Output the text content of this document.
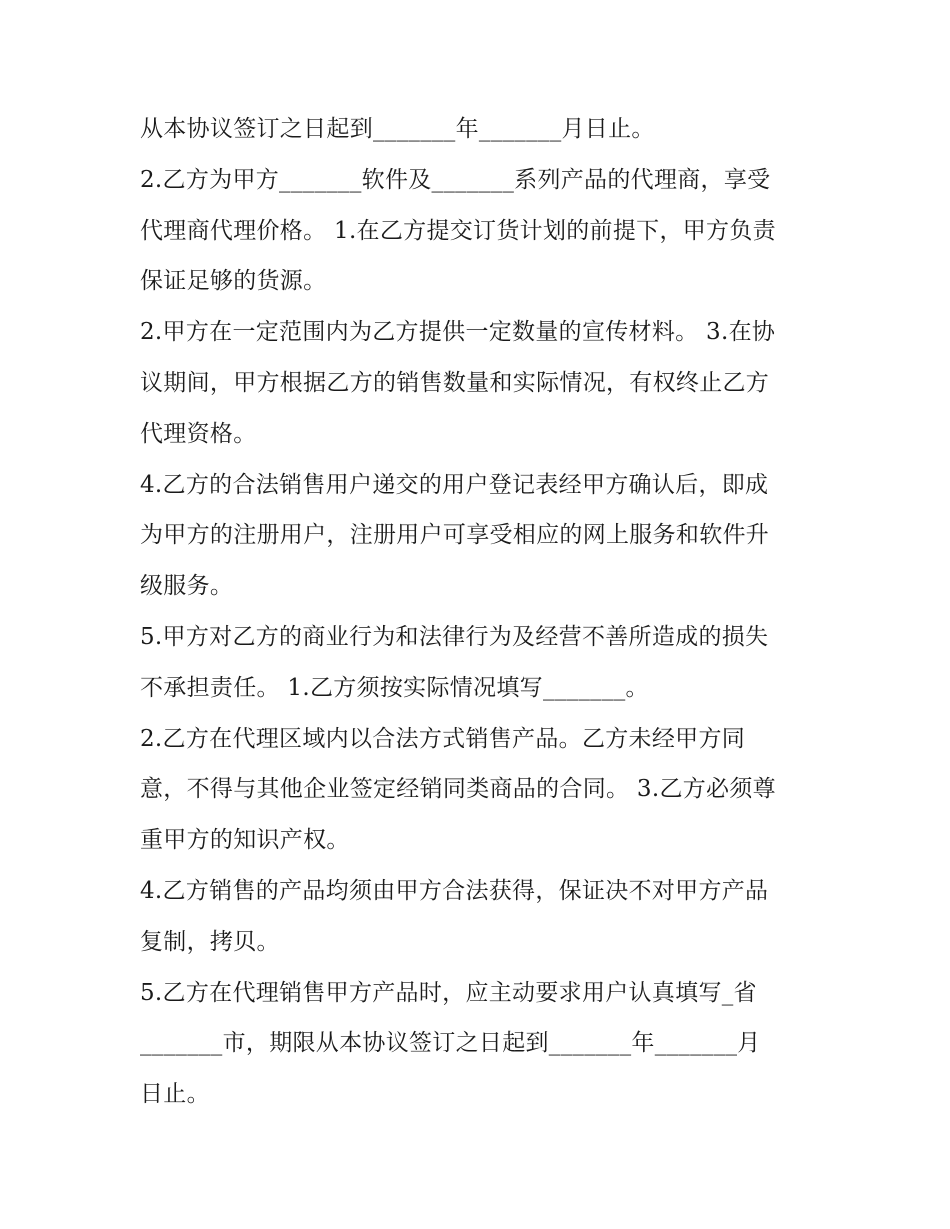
从本协议签订之日起到_______年_______月日止。
2.乙方为甲方_______软件及_______系列产品的代理商，享受
代理商代理价格。 1.在乙方提交订货计划的前提下，甲方负责
保证足够的货源。
2.甲方在一定范围内为乙方提供一定数量的宣传材料。 3.在协
议期间，甲方根据乙方的销售数量和实际情况，有权终止乙方
代理资格。
4.乙方的合法销售用户递交的用户登记表经甲方确认后，即成
为甲方的注册用户，注册用户可享受相应的网上服务和软件升
级服务。
5.甲方对乙方的商业行为和法律行为及经营不善所造成的损失
不承担责任。 1.乙方须按实际情况填写_______。
2.乙方在代理区域内以合法方式销售产品。乙方未经甲方同
意，不得与其他企业签定经销同类商品的合同。 3.乙方必须尊
重甲方的知识产权。
4.乙方销售的产品均须由甲方合法获得，保证决不对甲方产品
复制，拷贝。
5.乙方在代理销售甲方产品时，应主动要求用户认真填写_省
_______市，期限从本协议签订之日起到_______年_______月
日止。
